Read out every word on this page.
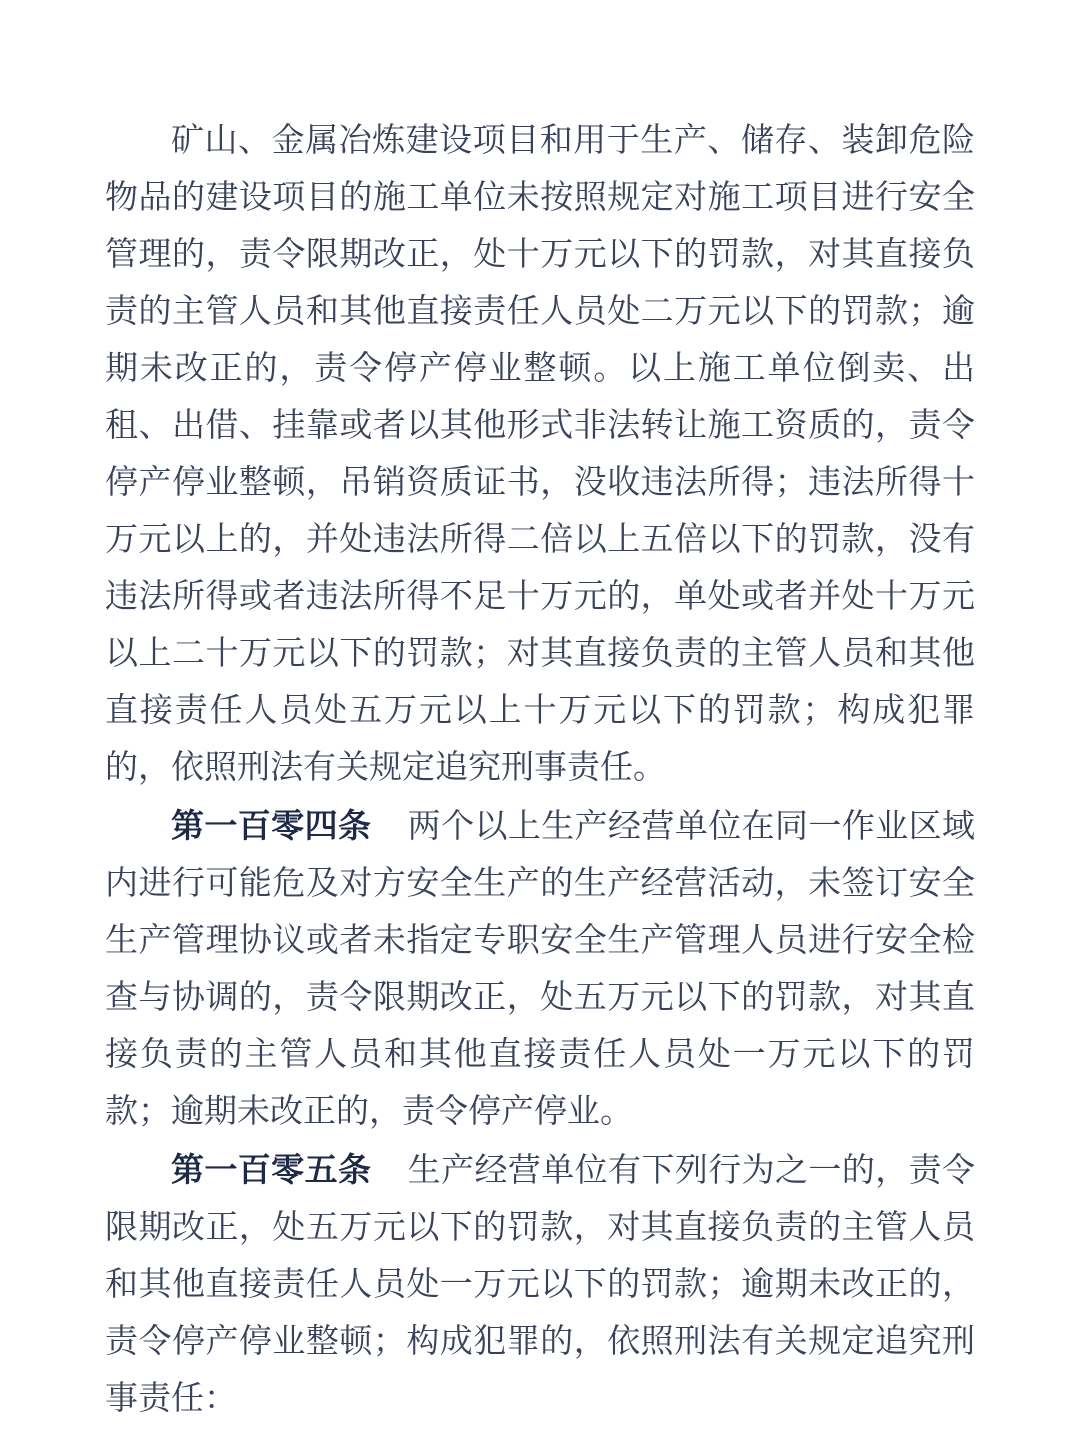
矿山、金属冶炼建设项目和用于生产、储存、装卸危险物品的建设项目的施工单位未按照规定对施工项目进行安全管理的，责令限期改正，处十万元以下的罚款，对其直接负责的主管人员和其他直接责任人员处二万元以下的罚款；逾期未改正的，责令停产停业整顿。以上施工单位倒卖、出租、出借、挂靠或者以其他形式非法转让施工资质的，责令停产停业整顿，吊销资质证书，没收违法所得；违法所得十万元以上的，并处违法所得二倍以上五倍以下的罚款，没有违法所得或者违法所得不足十万元的，单处或者并处十万元以上二十万元以下的罚款；对其直接负责的主管人员和其他直接责任人员处五万元以上十万元以下的罚款；构成犯罪的，依照刑法有关规定追究刑事责任。

第一百零四条 两个以上生产经营单位在同一作业区域内进行可能危及对方安全生产的生产经营活动，未签订安全生产管理协议或者未指定专职安全生产管理人员进行安全检查与协调的，责令限期改正，处五万元以下的罚款，对其直接负责的主管人员和其他直接责任人员处一万元以下的罚款；逾期未改正的，责令停产停业。

第一百零五条 生产经营单位有下列行为之一的，责令限期改正，处五万元以下的罚款，对其直接负责的主管人员和其他直接责任人员处一万元以下的罚款；逾期未改正的，责令停产停业整顿；构成犯罪的，依照刑法有关规定追究刑事责任：
